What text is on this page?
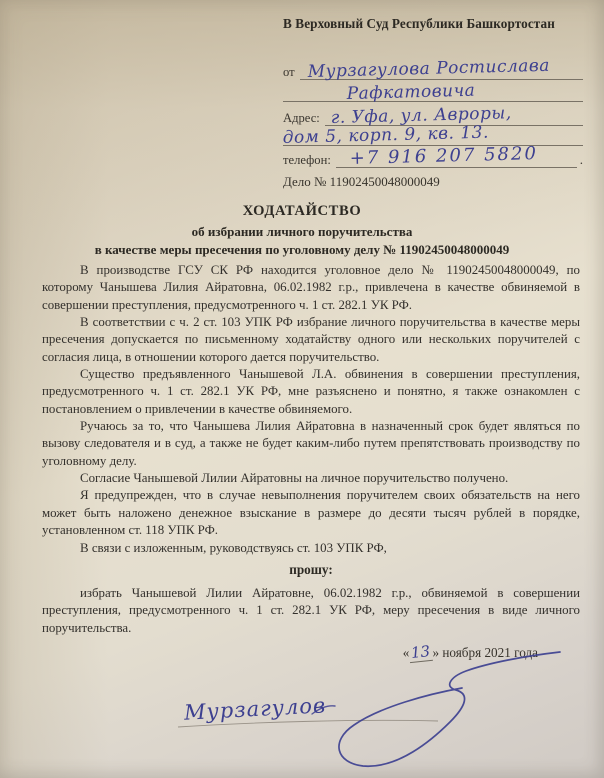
В Верховный Суд Республики Башкортостан
от Мурзагулова Ростислава
Рафкатовича
Адрес: г. Уфа, ул. Авроры,
дом 5, корп. 9, кв. 13.
телефон: +7 916 207 5820	.
Дело № 11902450048000049
ХОДАТАЙСТВО
об избрании личного поручительства
в качестве меры пресечения по уголовному делу № 11902450048000049

В производстве ГСУ СК РФ находится уголовное дело № 11902450048000049, по которому Чанышева Лилия Айратовна, 06.02.1982 г.р., привлечена в качестве обвиняемой в совершении преступления, предусмотренного ч. 1 ст. 282.1 УК РФ.

В соответствии с ч. 2 ст. 103 УПК РФ избрание личного поручительства в качестве меры пресечения допускается по письменному ходатайству одного или нескольких поручителей с согласия лица, в отношении которого дается поручительство.

Существо предъявленного Чанышевой Л.А. обвинения в совершении преступления, предусмотренного ч. 1 ст. 282.1 УК РФ, мне разъяснено и понятно, я также ознакомлен с постановлением о привлечении в качестве обвиняемого.

Ручаюсь за то, что Чанышева Лилия Айратовна в назначенный срок будет являться по вызову следователя и в суд, а также не будет каким-либо путем препятствовать производству по уголовному делу.

Согласие Чанышевой Лилии Айратовны на личное поручительство получено.

Я предупрежден, что в случае невыполнения поручителем своих обязательств на него может быть наложено денежное взыскание в размере до десяти тысяч рублей в порядке, установленном ст. 118 УПК РФ.

В связи с изложенным, руководствуясь ст. 103 УПК РФ,

прошу:

избрать Чанышевой Лилии Айратовне, 06.02.1982 г.р., обвиняемой в совершении преступления, предусмотренного ч. 1 ст. 282.1 УК РФ, меру пресечения в виде личного поручительства.

«13» ноября 2021 года
Мурзагулов
